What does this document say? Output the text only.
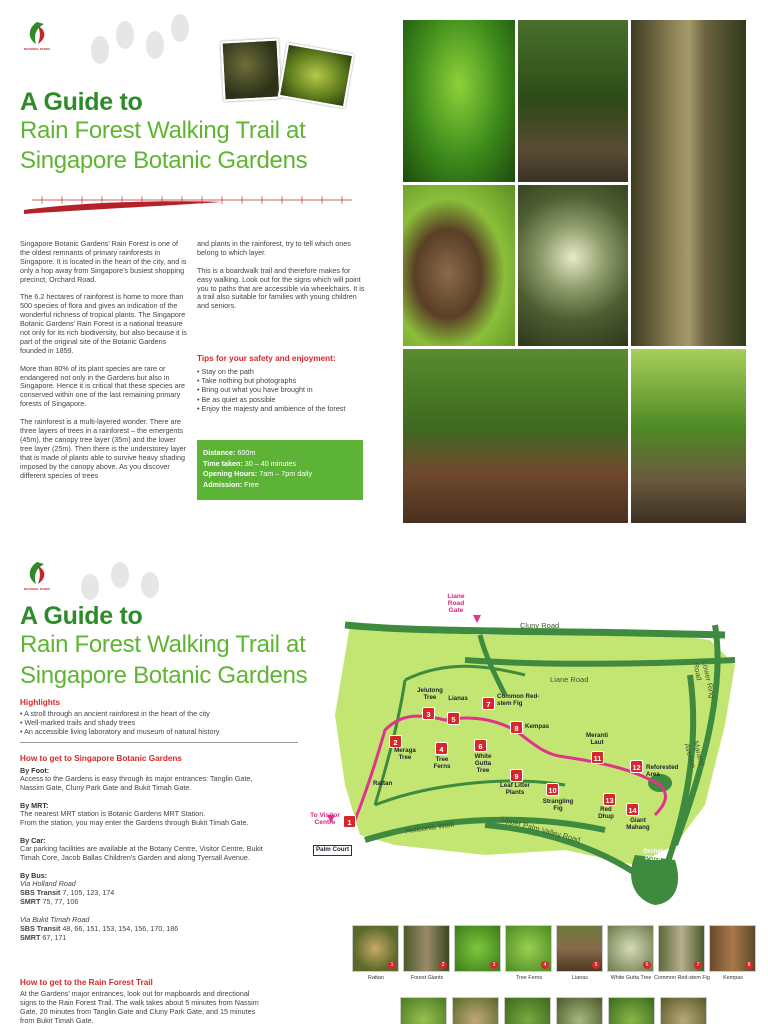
NATIONAL PARKS
A Guide to
Rain Forest Walking Trail at
Singapore Botanic Gardens

Singapore Botanic Gardens’ Rain Forest is one of the oldest remnants of primary rainforests in Singapore. It is located in the heart of the city, and is only a hop away from Singapore’s busiest shopping precinct, Orchard Road.

The 6.2 hectares of rainforest is home to more than 500 species of flora and gives an indication of the wonderful richness of tropical plants. The Singapore Botanic Gardens’ Rain Forest is a national treasure not only for its rich biodiversity, but also because it is part of the original site of the Botanic Gardens founded in 1859.

More than 80% of its plant species are rare or endangered not only in the Gardens but also in Singapore. Hence it is critical that these species are conserved within one of the last remaining primary forests of Singapore.

The rainforest is a multi-layered wonder. There are three layers of trees in a rainforest – the emergents (45m), the canopy tree layer (35m) and the lower tree layer (25m). Then there is the understorey layer that is made of plants able to survive heavy shading imposed by the canopy above. As you discover different species of trees

and plants in the rainforest, try to tell which ones belong to which layer.

This is a boardwalk trail and therefore makes for easy walking. Look out for the signs which will point you to paths that are accessible via wheelchairs. It is a trail also suitable for families with young children and seniors.

Tips for your safety and enjoyment:
• Stay on the path
• Take nothing but photographs
• Bring out what you have brought in
• Be as quiet as possible
• Enjoy the majesty and ambience of the forest
Distance: 600m
Time taken: 30 – 40 minutes
Opening Hours: 7am – 7pm daily
Admission: Free
NATIONAL PARKS
A Guide to
Rain Forest Walking Trail at
Singapore Botanic Gardens
Highlights
• A stroll through an ancient rainforest in the heart of the city
• Well-marked trails and shady trees
• An accessible living laboratory and museum of natural history
How to get to Singapore Botanic Gardens
By Foot:
Access to the Gardens is easy through its major entrances: Tanglin Gate,
Nassim Gate, Cluny Park Gate and Bukit Timah Gate.
By MRT:
The nearest MRT station is Botanic Gardens MRT Station.
From the station, you may enter the Gardens through Bukit Timah Gate.
By Car:
Car parking facilities are available at the Botany Centre, Visitor Centre, Bukit
Timah Core, Jacob Ballas Children’s Garden and along Tyersall Avenue.
By Bus:
Via Holland Road
SBS Transit 7, 105, 123, 174
SMRT 75, 77, 106
Via Bukit Timah Road
SBS Transit 48, 66, 151, 153, 154, 156, 170, 186
SMRT 67, 171
How to get to the Rain Forest Trail
At the Gardens’ major entrances, look out for mapboards and directional
signs to the Rain Forest Trail. The walk takes about 5 minutes from Nassim
Gate, 20 minutes from Tanglin Gate and Cluny Park Gate, and 15 minutes
from Bukit Timah Gate.
Liane Road Gate
Cluny Road
Liane Road	Lower Ring Road
Maranti Avenue
Heliconia Walk	Upper Palm Valley Road
Palm Court	Orchid Plaza
To Visitor Centre	1
Rattan
2
Meraga Tree
3
Jelutong Tree
4
Tree Ferns
5
Lianas
6
White Gutta Tree
7
Common Red-stem Fig
8	Kempas
9
Leaf Litter Plants	10
Strangling Fig
11
Meranti Laut
12 Reforested Area
13
Red Dhup
14
Giant Mahang
1	2	3	4	5	6	7	8
Rattan	Forest Giants	Tree Ferns	Lianas	White Gutta Tree Common Red-stem Fig	Kempas
